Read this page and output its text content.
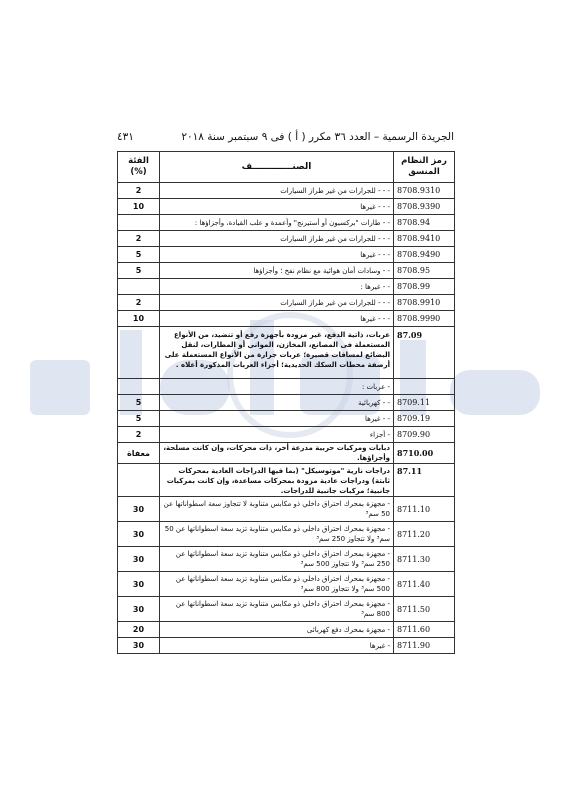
٤٣١	الجريدة الرسمية – العدد ٣٦ مكرر ( أ ) فى ٩ سبتمبر سنة ٢٠١٨
الفئة (%)	الصنـــــــــــــف	رمز النظام المنسق
2	- - - للجرارات من غير طراز السيارات	8708.9310
10	- - - غيرها	8708.9390
	- - طارات "بركسيون أو أستيرنج" وأعمدة و علب القيادة، وأجزاؤها :	8708.94
2	- - - للجرارات من غير طراز السيارات	8708.9410
5	- - - غيرها	8708.9490
5	- - وسادات أمان هوائية مع نظام نفخ ؛ وأجزاؤها	8708.95
	- - غيرها :	8708.99
2	- - - للجرارات من غير طراز السيارات	8708.9910
10	- - - غيرها	8708.9990
	عربات، ذاتية الدفع، غير مزودة بأجهزة رفع أو تنضيد، من الأنواع المستعملة فى المصانع، المخازن، الموانى أو المطارات، لنقل البضائع لمسافات قصيرة؛ عربات جرارة من الأنواع المستعملة على أرصفة محطات السكك الحديدية؛ أجزاء العربات المذكورة أعلاه .	87.09
	- عربات :	
5	- - كهربائية	8709.11
5	- - غيرها	8709.19
2	- أجزاء	8709.90
معفاة	دبابات ومركبات حربية مدرعة أخر، ذات محركات، وإن كانت مسلحة، وأجزاؤها.	8710.00
	دراجات نارية "موتوسيكل" (بما فيها الدراجات العادية بمحركات ثابتة) ودراجات عادية مزودة بمحركات مساعدة، وإن كانت بمركبات جانبية؛ مركبات جانبية للدراجات.	87.11
30	- مجهزة بمحرك احتراق داخلي ذو مكابس متناوبة لا تتجاوز سعة اسطواناتها عن 50 سم³	8711.10
30	- مجهزة بمحرك احتراق داخلي ذو مكابس متناوبة تزيد سعة اسطواناتها عن 50 سم³ ولا تتجاوز 250 سم³	8711.20
30	- مجهزة بمحرك احتراق داخلي ذو مكابس متناوبة تزيد سعة اسطواناتها عن 250 سم³ ولا تتجاوز 500 سم³	8711.30
30	- مجهزة بمحرك احتراق داخلي ذو مكابس متناوبة تزيد سعة اسطواناتها عن 500 سم³ ولا تتجاوز 800 سم³	8711.40
30	- مجهزة بمحرك احتراق داخلي ذو مكابس متناوبة تزيد سعة اسطواناتها عن 800 سم³	8711.50
20	- مجهزة بمحرك دفع كهربائى	8711.60
30	- غيرها	8711.90
